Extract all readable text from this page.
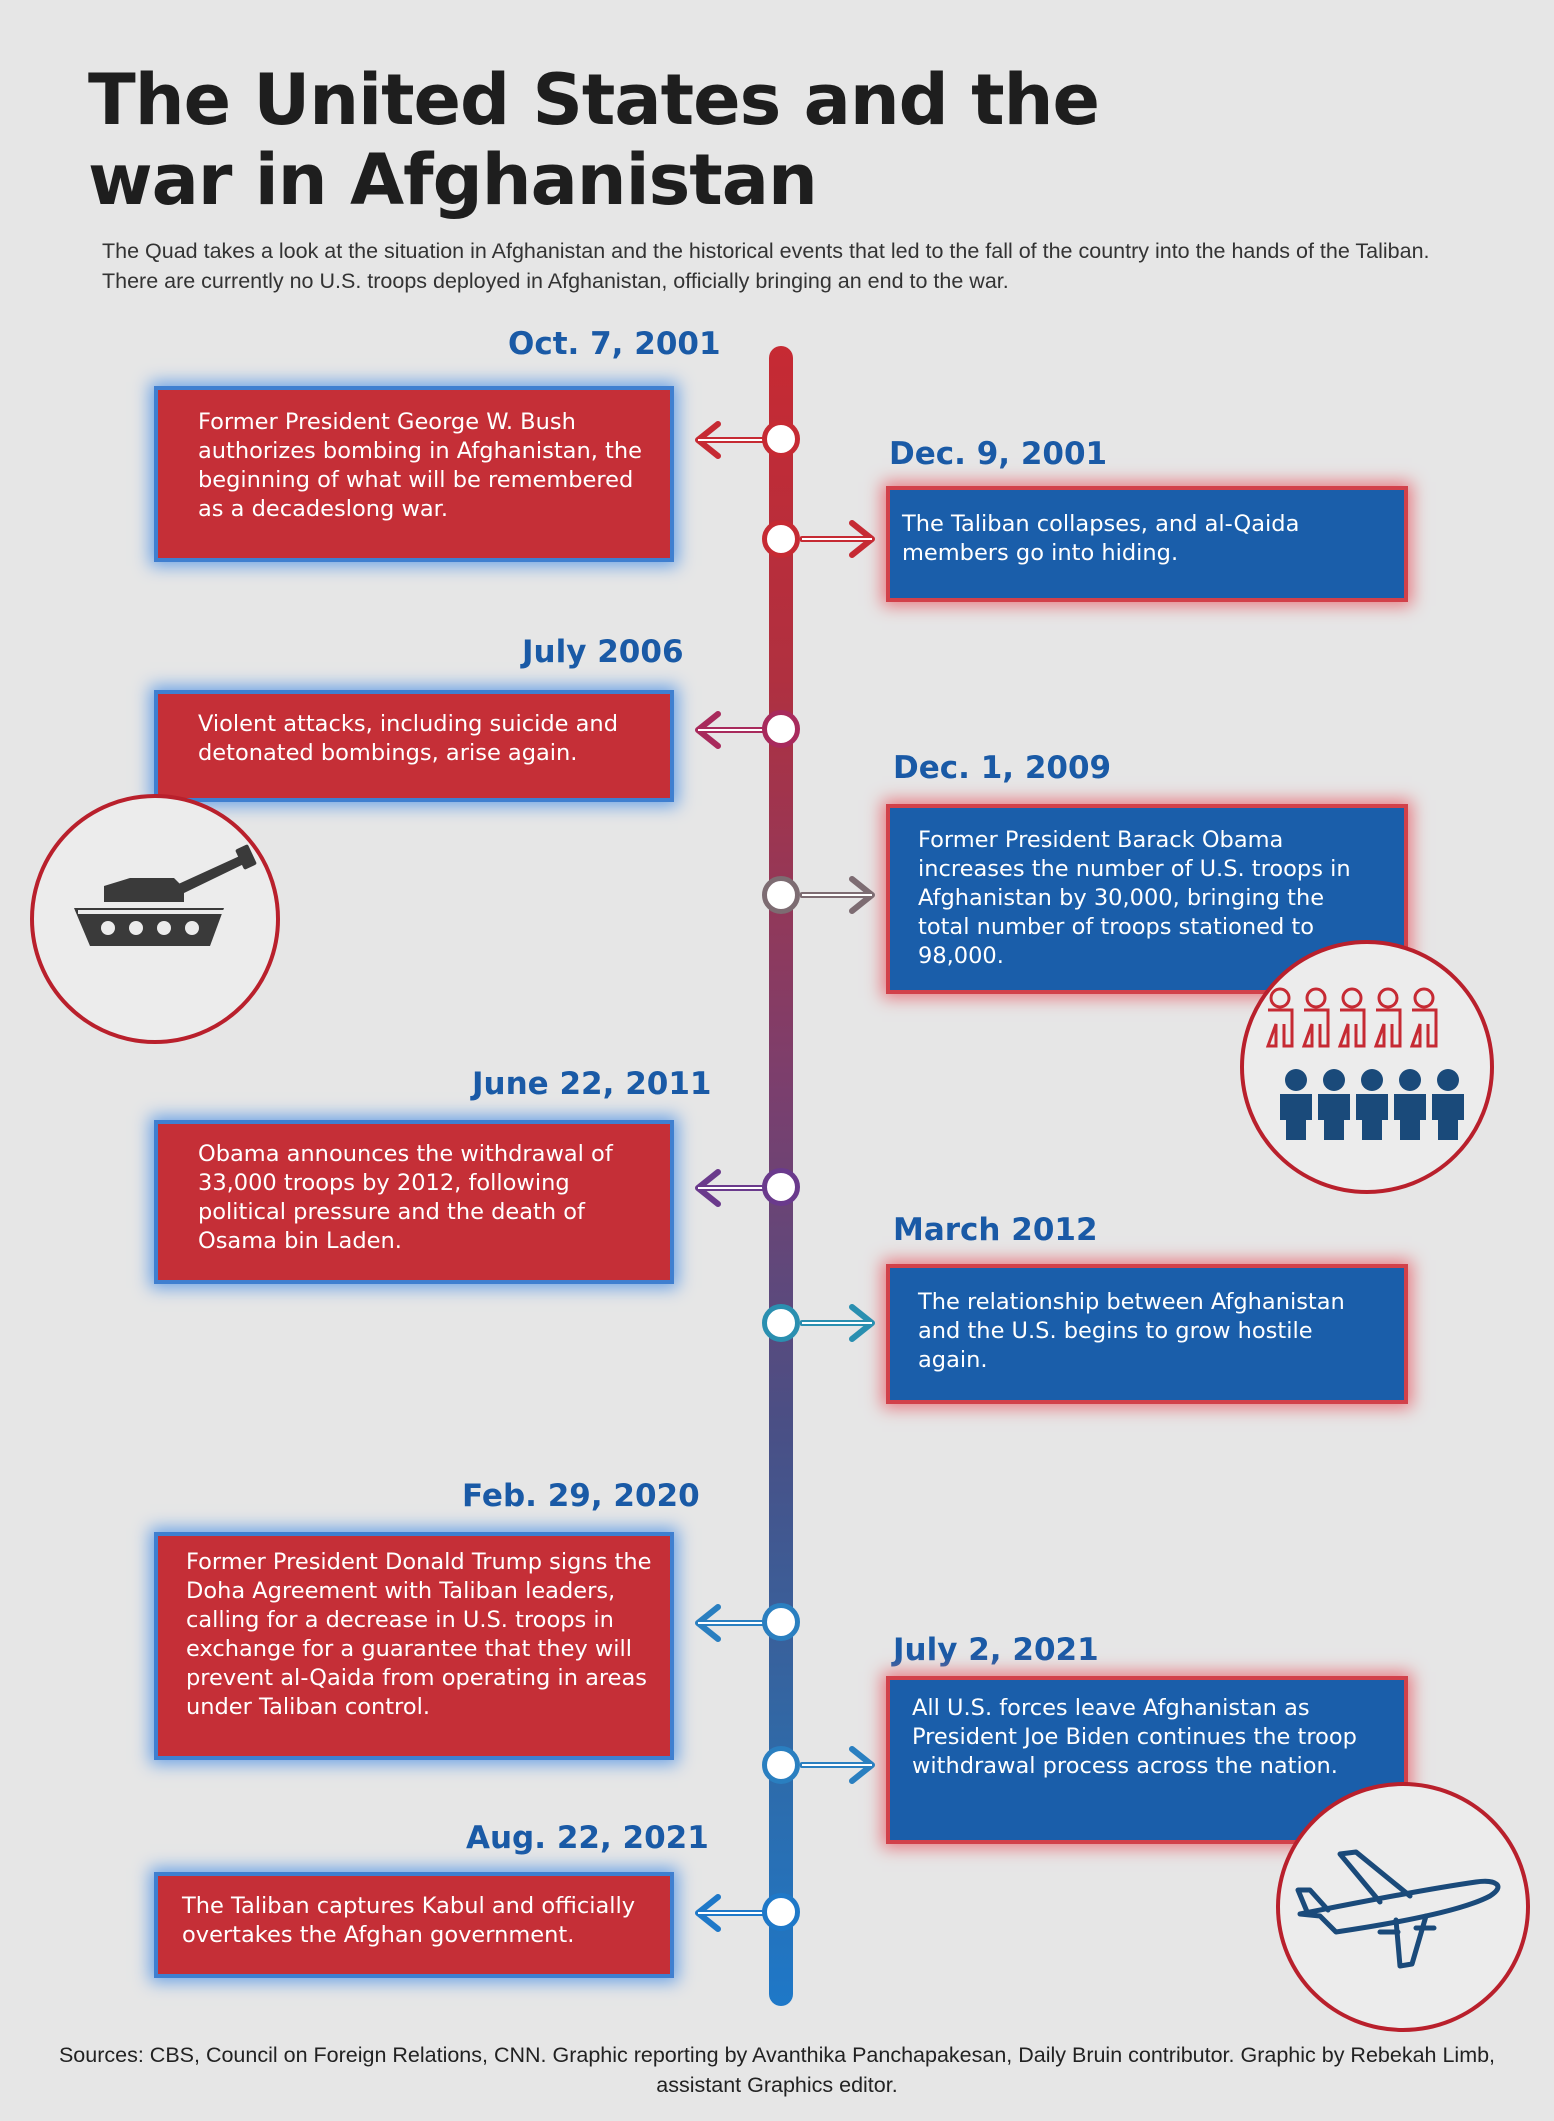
The United States and the
war in Afghanistan

The Quad takes a look at the situation in Afghanistan and the historical events that led to the fall of the country into the hands of the Taliban. There are currently no U.S. troops deployed in Afghanistan, officially bringing an end to the war.

Oct. 7, 2001
Former President George W. Bush authorizes bombing in Afghanistan, the beginning of what will be remembered as a decadeslong war.
Dec. 9, 2001
The Taliban collapses, and al-Qaida members go into hiding.
July 2006
Violent attacks, including suicide and detonated bombings, arise again.	Dec. 1, 2009
Former President Barack Obama increases the number of U.S. troops in Afghanistan by 30,000, bringing the total number of troops stationed to 98,000.
June 22, 2011
Obama announces the withdrawal of 33,000 troops by 2012, following political pressure and the death of Osama bin Laden.	March 2012
The relationship between Afghanistan and the U.S. begins to grow hostile again.
Feb. 29, 2020
Former President Donald Trump signs the Doha Agreement with Taliban leaders, calling for a decrease in U.S. troops in exchange for a guarantee that they will prevent al-Qaida from operating in areas under Taliban control.
July 2, 2021
All U.S. forces leave Afghanistan as President Joe Biden continues the troop withdrawal process across the nation.
Aug. 22, 2021
The Taliban captures Kabul and officially overtakes the Afghan government.

Sources: CBS, Council on Foreign Relations, CNN. Graphic reporting by Avanthika Panchapakesan, Daily Bruin contributor. Graphic by Rebekah Limb, assistant Graphics editor.
